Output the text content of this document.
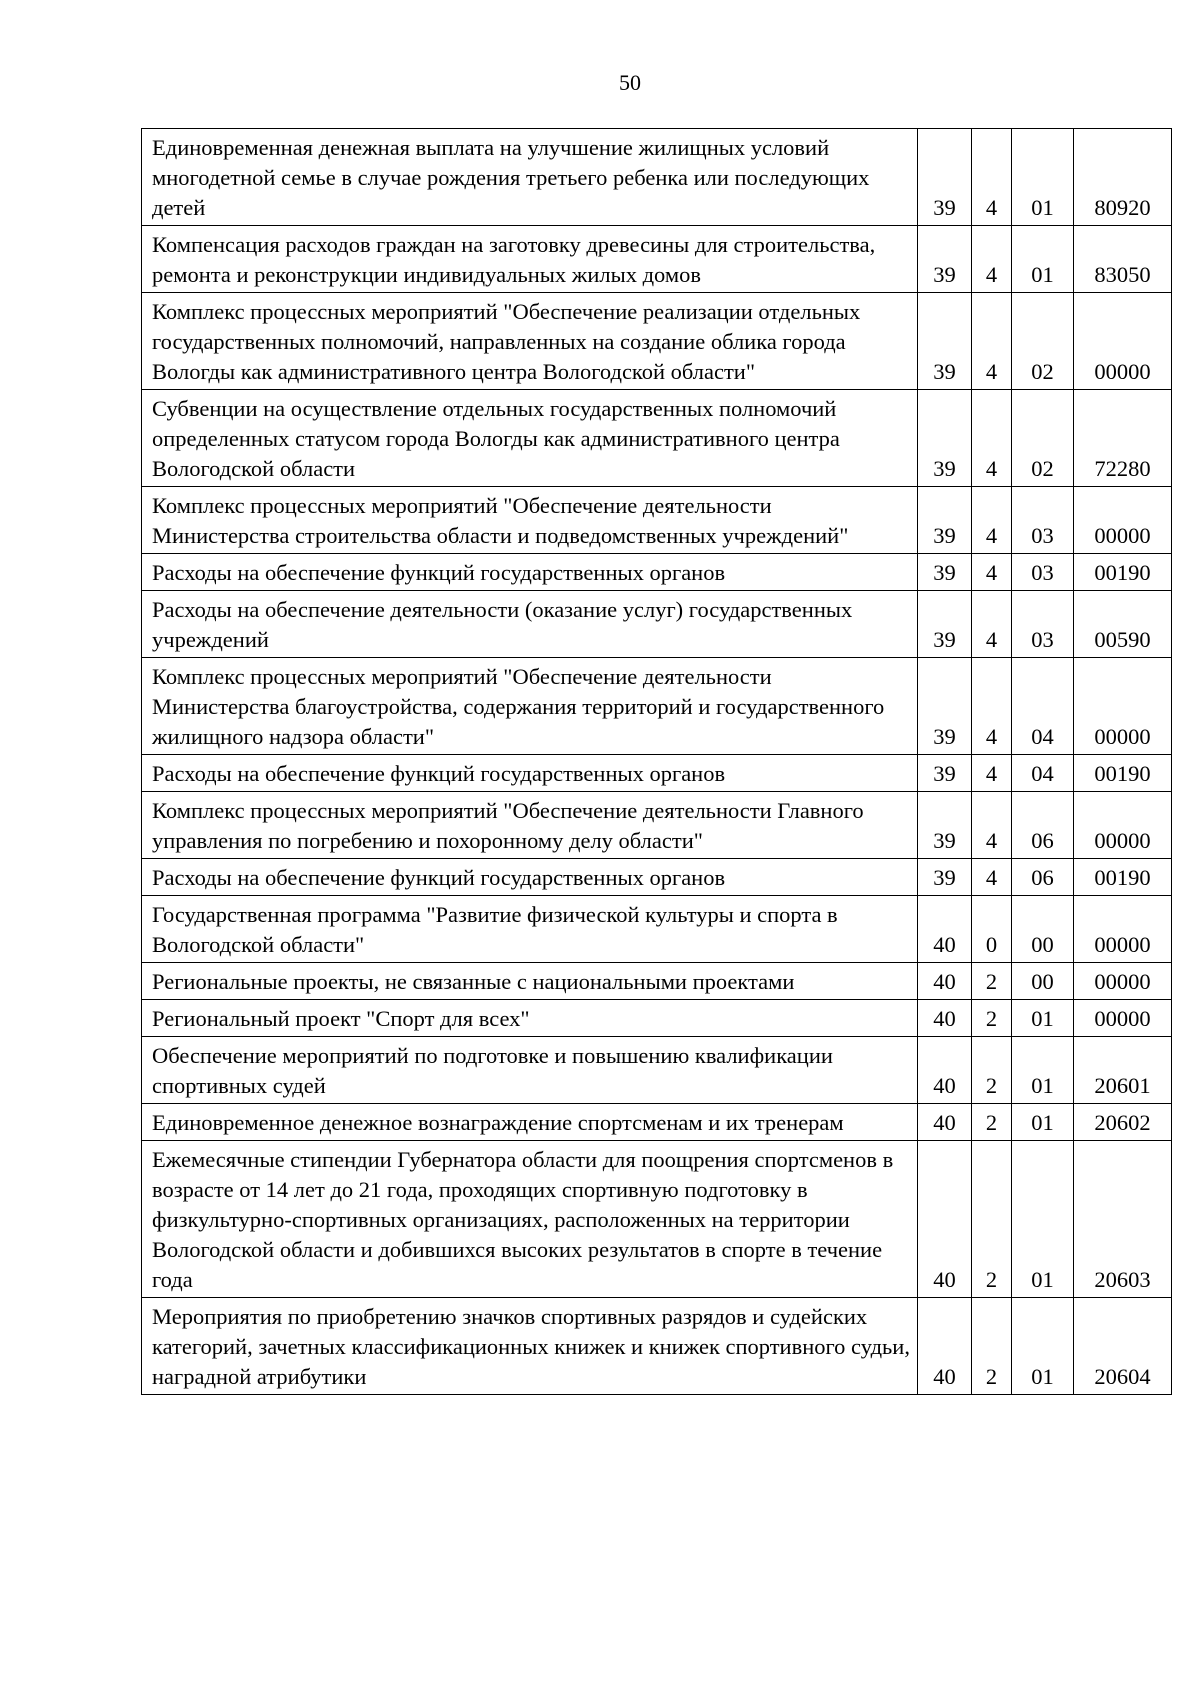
50
Единовременная денежная выплата на улучшение жилищных условий многодетной семье в случае рождения третьего ребенка или последующих детей	39	4	01	80920
Компенсация расходов граждан на заготовку древесины для строительства, ремонта и реконструкции индивидуальных жилых домов	39	4	01	83050
Комплекс процессных мероприятий "Обеспечение реализации отдельных государственных полномочий, направленных на создание облика города Вологды как административного центра Вологодской области"	39	4	02	00000
Субвенции на осуществление отдельных государственных полномочий определенных статусом города Вологды как административного центра Вологодской области	39	4	02	72280
Комплекс процессных мероприятий "Обеспечение деятельности Министерства строительства области и подведомственных учреждений"	39	4	03	00000
Расходы на обеспечение функций государственных органов	39	4	03	00190
Расходы на обеспечение деятельности (оказание услуг) государственных учреждений	39	4	03	00590
Комплекс процессных мероприятий "Обеспечение деятельности Министерства благоустройства, содержания территорий и государственного жилищного надзора области"	39	4	04	00000
Расходы на обеспечение функций государственных органов	39	4	04	00190
Комплекс процессных мероприятий "Обеспечение деятельности Главного управления по погребению и похоронному делу области"	39	4	06	00000
Расходы на обеспечение функций государственных органов	39	4	06	00190
Государственная программа "Развитие физической культуры и спорта в Вологодской области"	40	0	00	00000
Региональные проекты, не связанные с национальными проектами	40	2	00	00000
Региональный проект "Спорт для всех"	40	2	01	00000
Обеспечение мероприятий по подготовке и повышению квалификации спортивных судей	40	2	01	20601
Единовременное денежное вознаграждение спортсменам и их тренерам	40	2	01	20602
Ежемесячные стипендии Губернатора области для поощрения спортсменов в возрасте от 14 лет до 21 года, проходящих спортивную подготовку в физкультурно-спортивных организациях, расположенных на территории Вологодской области и добившихся высоких результатов в спорте в течение года	40	2	01	20603
Мероприятия по приобретению значков спортивных разрядов и судейских категорий, зачетных классификационных книжек и книжек спортивного судьи, наградной атрибутики	40	2	01	20604
